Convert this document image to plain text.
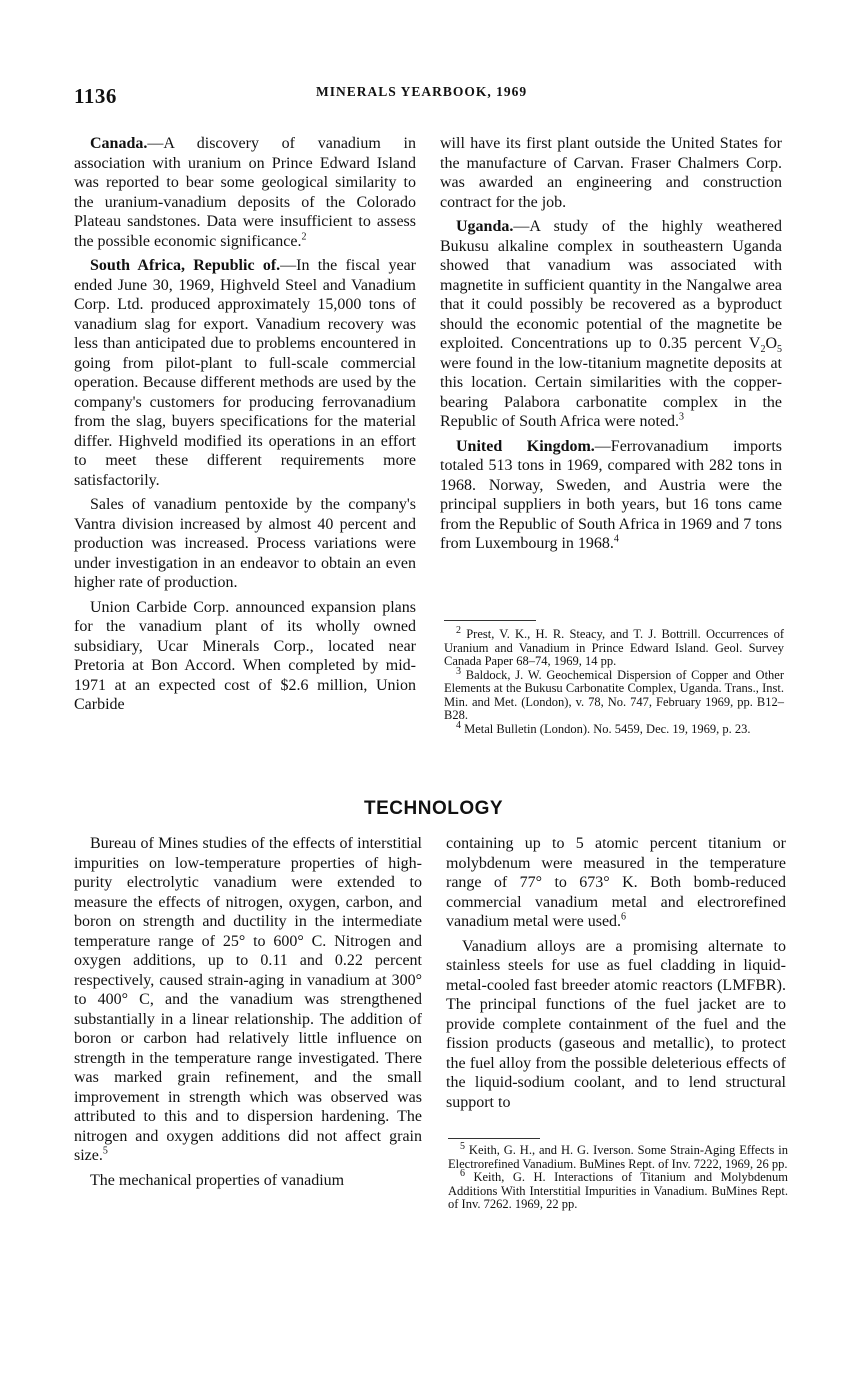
1136	MINERALS YEARBOOK, 1969

Canada.—A discovery of vanadium in association with uranium on Prince Edward Island was reported to bear some geological similarity to the uranium-vanadium deposits of the Colorado Plateau sandstones. Data were insufficient to assess the possible economic significance.$^2$

South Africa, Republic of.—In the fiscal year ended June 30, 1969, Highveld Steel and Vanadium Corp. Ltd. produced approximately 15,000 tons of vanadium slag for export. Vanadium recovery was less than anticipated due to problems encountered in going from pilot-plant to full-scale commercial operation. Because different methods are used by the company's customers for producing ferrovanadium from the slag, buyers specifications for the material differ. Highveld modified its operations in an effort to meet these different requirements more satisfactorily.

Sales of vanadium pentoxide by the company's Vantra division increased by almost 40 percent and production was increased. Process variations were under investigation in an endeavor to obtain an even higher rate of production.

Union Carbide Corp. announced expansion plans for the vanadium plant of its wholly owned subsidiary, Ucar Minerals Corp., located near Pretoria at Bon Accord. When completed by mid-1971 at an expected cost of $2.6 million, Union Carbide

will have its first plant outside the United States for the manufacture of Carvan. Fraser Chalmers Corp. was awarded an engineering and construction contract for the job.

Uganda.—A study of the highly weathered Bukusu alkaline complex in southeastern Uganda showed that vanadium was associated with magnetite in sufficient quantity in the Nangalwe area that it could possibly be recovered as a byproduct should the economic potential of the magnetite be exploited. Concentrations up to 0.35 percent $V_2O_5$ were found in the low-titanium magnetite deposits at this location. Certain similarities with the copper-bearing Palabora carbonatite complex in the Republic of South Africa were noted.$^3$

United Kingdom.—Ferrovanadium imports totaled 513 tons in 1969, compared with 282 tons in 1968. Norway, Sweden, and Austria were the principal suppliers in both years, but 16 tons came from the Republic of South Africa in 1969 and 7 tons from Luxembourg in 1968.$^4$

$^2$ Prest, V. K., H. R. Steacy, and T. J. Bottrill. Occurrences of Uranium and Vanadium in Prince Edward Island. Geol. Survey Canada Paper 68–74, 1969, 14 pp.

$^3$ Baldock, J. W. Geochemical Dispersion of Copper and Other Elements at the Bukusu Carbonatite Complex, Uganda. Trans., Inst. Min. and Met. (London), v. 78, No. 747, February 1969, pp. B12–B28.

$^4$ Metal Bulletin (London). No. 5459, Dec. 19, 1969, p. 23.

TECHNOLOGY

Bureau of Mines studies of the effects of interstitial impurities on low-temperature properties of high-purity electrolytic vanadium were extended to measure the effects of nitrogen, oxygen, carbon, and boron on strength and ductility in the intermediate temperature range of 25° to 600° C. Nitrogen and oxygen additions, up to 0.11 and 0.22 percent respectively, caused strain-aging in vanadium at 300° to 400° C, and the vanadium was strengthened substantially in a linear relationship. The addition of boron or carbon had relatively little influence on strength in the temperature range investigated. There was marked grain refinement, and the small improvement in strength which was observed was attributed to this and to dispersion hardening. The nitrogen and oxygen additions did not affect grain size.$^5$

The mechanical properties of vanadium

containing up to 5 atomic percent titanium or molybdenum were measured in the temperature range of 77° to 673° K. Both bomb-reduced commercial vanadium metal and electrorefined vanadium metal were used.$^6$

Vanadium alloys are a promising alternate to stainless steels for use as fuel cladding in liquid-metal-cooled fast breeder atomic reactors (LMFBR). The principal functions of the fuel jacket are to provide complete containment of the fuel and the fission products (gaseous and metallic), to protect the fuel alloy from the possible deleterious effects of the liquid-sodium coolant, and to lend structural support to

$^5$ Keith, G. H., and H. G. Iverson. Some Strain-Aging Effects in Electrorefined Vanadium. BuMines Rept. of Inv. 7222, 1969, 26 pp.

$^6$ Keith, G. H. Interactions of Titanium and Molybdenum Additions With Interstitial Impurities in Vanadium. BuMines Rept. of Inv. 7262. 1969, 22 pp.
